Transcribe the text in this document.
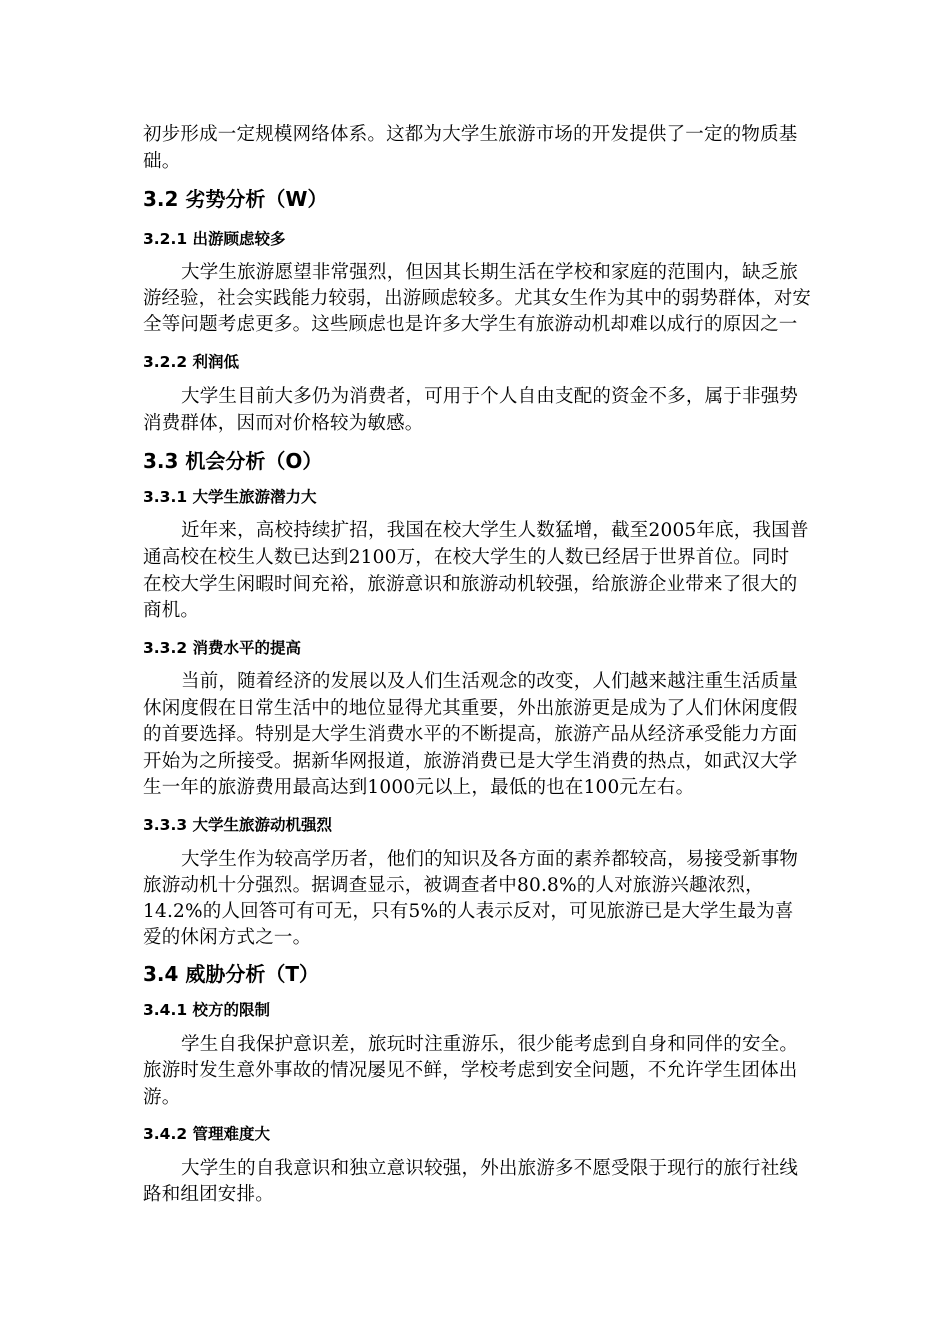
初步形成一定规模网络体系。这都为大学生旅游市场的开发提供了一定的物质基
础。
3.2 劣势分析（W）
3.2.1 出游顾虑较多
大学生旅游愿望非常强烈，但因其长期生活在学校和家庭的范围内，缺乏旅
游经验，社会实践能力较弱，出游顾虑较多。尤其女生作为其中的弱势群体，对安
全等问题考虑更多。这些顾虑也是许多大学生有旅游动机却难以成行的原因之一
3.2.2 利润低
大学生目前大多仍为消费者，可用于个人自由支配的资金不多，属于非强势
消费群体，因而对价格较为敏感。
3.3 机会分析（O）
3.3.1 大学生旅游潜力大
近年来，高校持续扩招，我国在校大学生人数猛增，截至2005年底，我国普
通高校在校生人数已达到2100万，在校大学生的人数已经居于世界首位。同时
在校大学生闲暇时间充裕，旅游意识和旅游动机较强，给旅游企业带来了很大的
商机。
3.3.2 消费水平的提高
当前，随着经济的发展以及人们生活观念的改变，人们越来越注重生活质量
休闲度假在日常生活中的地位显得尤其重要，外出旅游更是成为了人们休闲度假
的首要选择。特别是大学生消费水平的不断提高，旅游产品从经济承受能力方面
开始为之所接受。据新华网报道，旅游消费已是大学生消费的热点，如武汉大学
生一年的旅游费用最高达到1000元以上，最低的也在100元左右。
3.3.3 大学生旅游动机强烈
大学生作为较高学历者，他们的知识及各方面的素养都较高，易接受新事物
旅游动机十分强烈。据调查显示，被调查者中80.8%的人对旅游兴趣浓烈，
14.2%的人回答可有可无，只有5%的人表示反对，可见旅游已是大学生最为喜
爱的休闲方式之一。
3.4 威胁分析（T）
3.4.1 校方的限制
学生自我保护意识差，旅玩时注重游乐，很少能考虑到自身和同伴的安全。
旅游时发生意外事故的情况屡见不鲜，学校考虑到安全问题，不允许学生团体出
游。
3.4.2 管理难度大
大学生的自我意识和独立意识较强，外出旅游多不愿受限于现行的旅行社线
路和组团安排。
